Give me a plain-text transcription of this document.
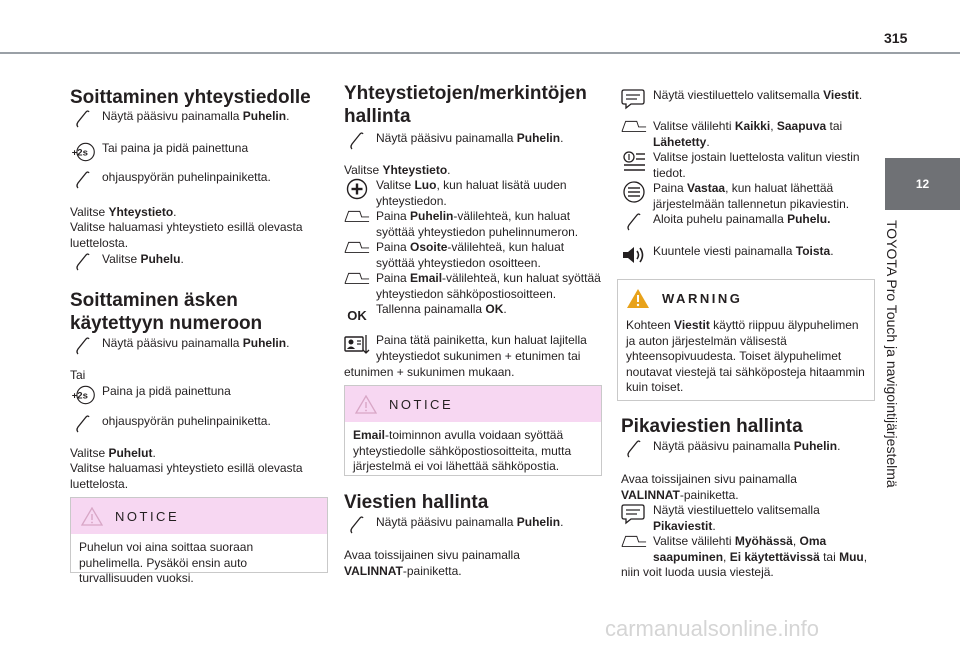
315
12
TOYOTA Pro Touch ja navigointijärjestelmä
Soittaminen yhteystiedolle
Näytä pääsivu painamalla Puhelin.
+2s Tai paina ja pidä painettuna
ohjauspyörän puhelinpainiketta.
Valitse Yhteystieto.
Valitse haluamasi yhteystieto esillä olevasta luettelosta.
Valitse Puhelu.
Soittaminen äsken
käytettyyn numeroon
Näytä pääsivu painamalla Puhelin.
Tai
+2s Paina ja pidä painettuna
ohjauspyörän puhelinpainiketta.
Valitse Puhelut.
Valitse haluamasi yhteystieto esillä olevasta luettelosta.
NOTICE
Puhelun voi aina soittaa suoraan puhelimella. Pysäköi ensin auto turvallisuuden vuoksi.
Yhteystietojen/merkintöjen
hallinta
Näytä pääsivu painamalla Puhelin.
Valitse Yhteystieto.
Valitse Luo, kun haluat lisätä uuden yhteystiedon.
Paina Puhelin-välilehteä, kun haluat syöttää yhteystiedon puhelinnumeron.
Paina Osoite-välilehteä, kun haluat syöttää yhteystiedon osoitteen.
Paina Email-välilehteä, kun haluat syöttää yhteystiedon sähköpostiosoitteen.
OK Tallenna painamalla OK.
Paina tätä painiketta, kun haluat lajitella yhteystiedot sukunimen + etunimen tai
etunimen + sukunimen mukaan.
NOTICE
Email-toiminnon avulla voidaan syöttää yhteystiedolle sähköpostiosoitteita, mutta järjestelmä ei voi lähettää sähköpostia.
Viestien hallinta
Näytä pääsivu painamalla Puhelin.
Avaa toissijainen sivu painamalla VALINNAT-painiketta.
Näytä viestiluettelo valitsemalla Viestit.
Valitse välilehti Kaikki, Saapuva tai Lähetetty.
Valitse jostain luettelosta valitun viestin tiedot.
Paina Vastaa, kun haluat lähettää järjestelmään tallennetun pikaviestin.
Aloita puhelu painamalla Puhelu.
Kuuntele viesti painamalla Toista.
WARNING
Kohteen Viestit käyttö riippuu älypuhelimen ja auton järjestelmän välisestä yhteensopivuudesta. Toiset älypuhelimet noutavat viestejä tai sähköposteja hitaammin kuin toiset.
Pikaviestien hallinta
Näytä pääsivu painamalla Puhelin.
Avaa toissijainen sivu painamalla VALINNAT-painiketta.
Näytä viestiluettelo valitsemalla Pikaviestit.
Valitse välilehti Myöhässä, Oma saapuminen, Ei käytettävissä tai Muu,
niin voit luoda uusia viestejä.
carmanualsonline.info
